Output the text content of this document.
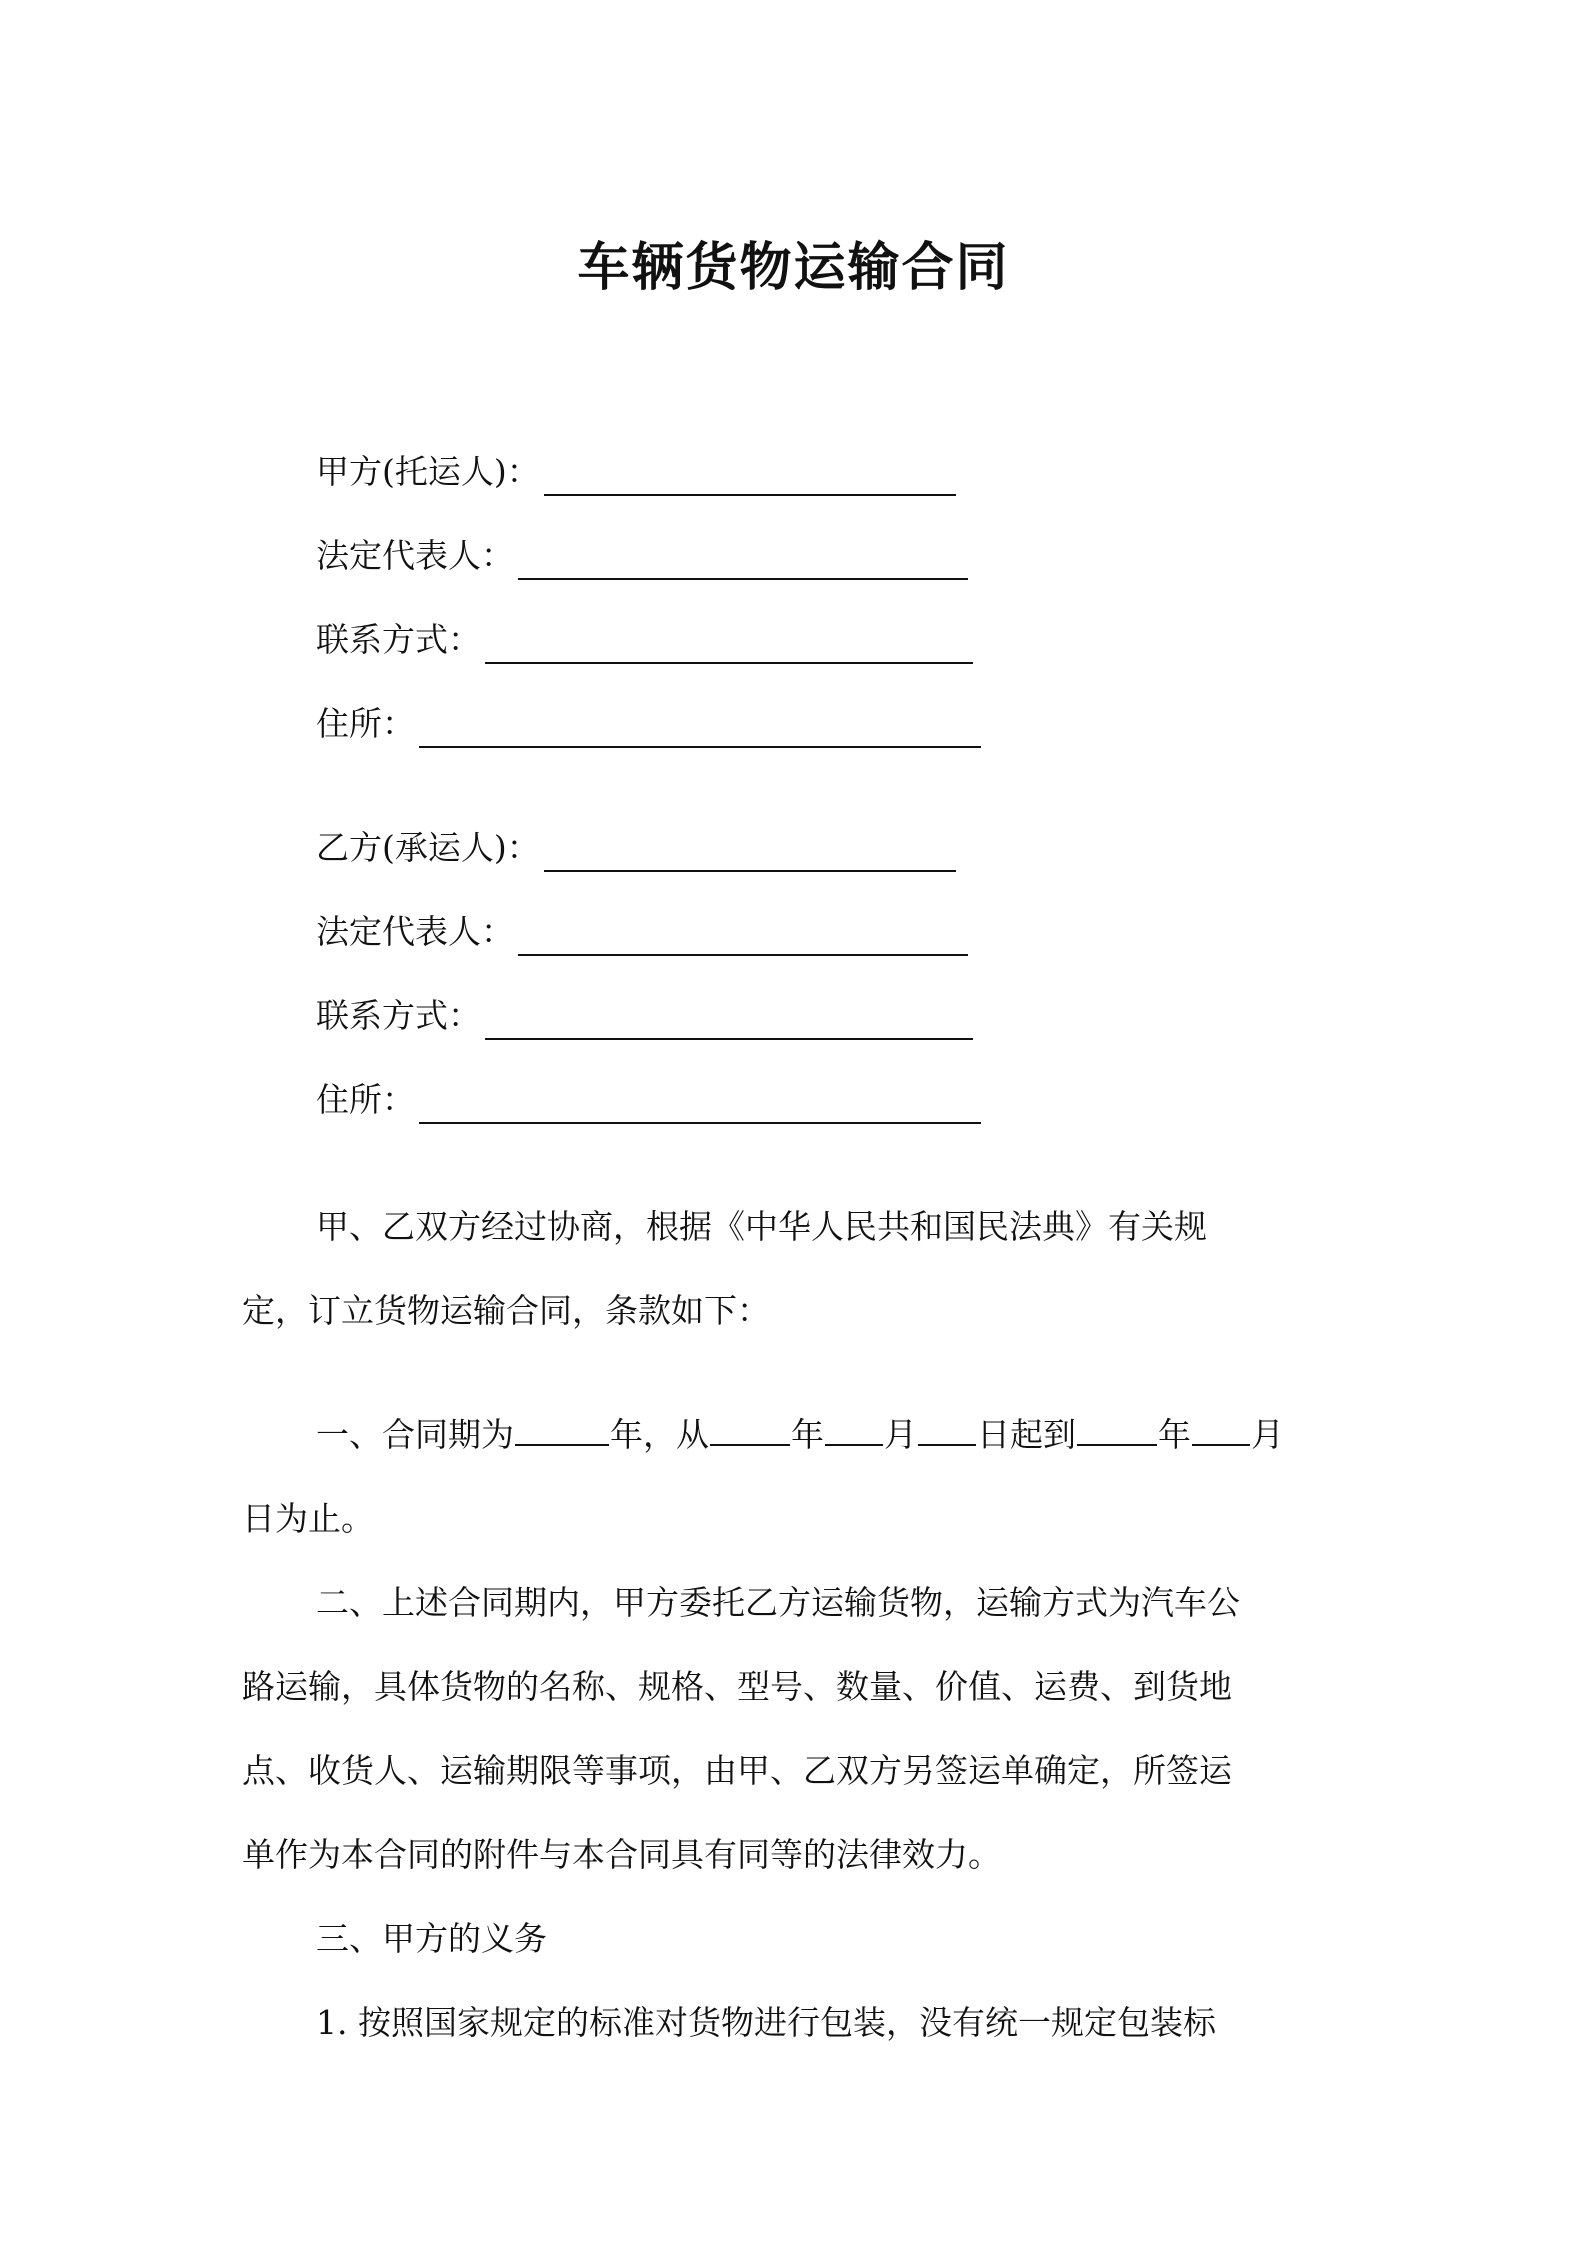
车辆货物运输合同
甲方(托运人)：
法定代表人：
联系方式：
住所：
乙方(承运人)：
法定代表人：
联系方式：
住所：
甲、乙双方经过协商，根据《中华人民共和国民法典》有关规
定，订立货物运输合同，条款如下：
一、合同期为	年，从 年 月 日起到 年 月
日为止。
二、上述合同期内，甲方委托乙方运输货物，运输方式为汽车公
路运输，具体货物的名称、规格、型号、数量、价值、运费、到货地
点、收货人、运输期限等事项，由甲、乙双方另签运单确定，所签运
单作为本合同的附件与本合同具有同等的法律效力。
三、甲方的义务
1. 按照国家规定的标准对货物进行包装，没有统一规定包装标
